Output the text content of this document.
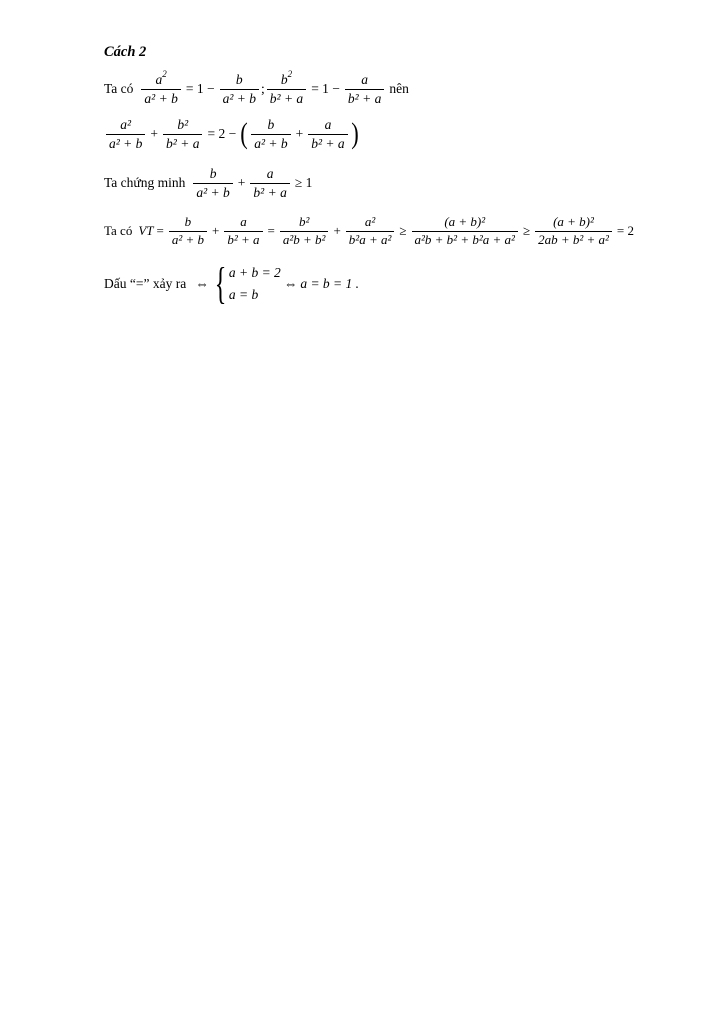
Cách 2
Ta có $\frac{a^2}{\text{a² + b}} = 1 - \frac{b}{\text{a² + b}}$ ; $\frac{b^2}{\text{b² + a}} = 1 - \frac{a}{\text{b² + a}}$ nên
$\frac{\text{a²}}{\text{a² + b}} + \frac{\text{b²}}{\text{b² + a}} = 2$ − ( $\frac{b}{\text{a² + b}} + \frac{a}{\text{b² + a}}$ )
Ta chứng minh $\frac{b}{\text{a² + b}} + \frac{a}{\text{b² + a}} \ge 1$
Ta có VT = $\frac{b}{\text{a² + b}} + \frac{a}{\text{b² + a}} = \frac{\text{b²}}{\text{a²b + b²}} + \frac{\text{a²}}{\text{b²a + a²}} \ge \frac{\text{(a + b)²}}{\text{a²b + b² + b²a + a²}} \ge \frac{\text{(a + b)²}}{\text{2ab + b² + a²}} = 2$
Dấu “=” xảy ra ⇔ { a + b = 2
a = b
⇔ a = b = 1 .
